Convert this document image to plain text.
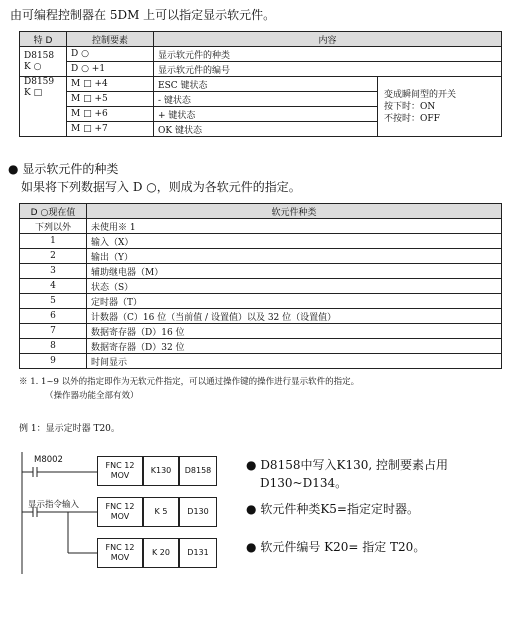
由可编程控制器在 5DM 上可以指定显示软元件。
特 D	控制要素	内容	
D8158
K ○	D ○	显示软元件的种类	
	D ○ +1	显示软元件的编号	
D8159
K □	M □ +4	ESC 键状态	变成瞬间型的开关
按下时：ON
不按时：OFF
	M □ +5	- 键状态	
	M □ +6	+ 键状态	
	M □ +7	OK 键状态	
● 显示软元件的种类
如果将下列数据写入 D ○，则成为各软元件的指定。
D ○现在值	软元件种类
下列以外	未使用※ 1
1	输入（X）
2	输出（Y）
3	辅助继电器（M）
4	状态（S）
5	定时器（T）
6	计数器（C）16 位（当前值 / 设置值）以及 32 位（设置值）
7	数据寄存器（D）16 位
8	数据寄存器（D）32 位
9	时间显示
※ 1. 1~9 以外的指定即作为无软元件指定，可以通过操作键的操作进行显示软件的指定。
（操作器功能全部有效）
例 1：显示定时器 T20。
M8002
显示指令输入
FNC 12
MOV
K130	D8158
FNC 12
MOV
K 5	D130
FNC 12
MOV
K 20	D131
● D8158中写入K130, 控制要素占用
D130~D134。
● 软元件种类K5=指定定时器。
● 软元件编号 K20= 指定 T20。
